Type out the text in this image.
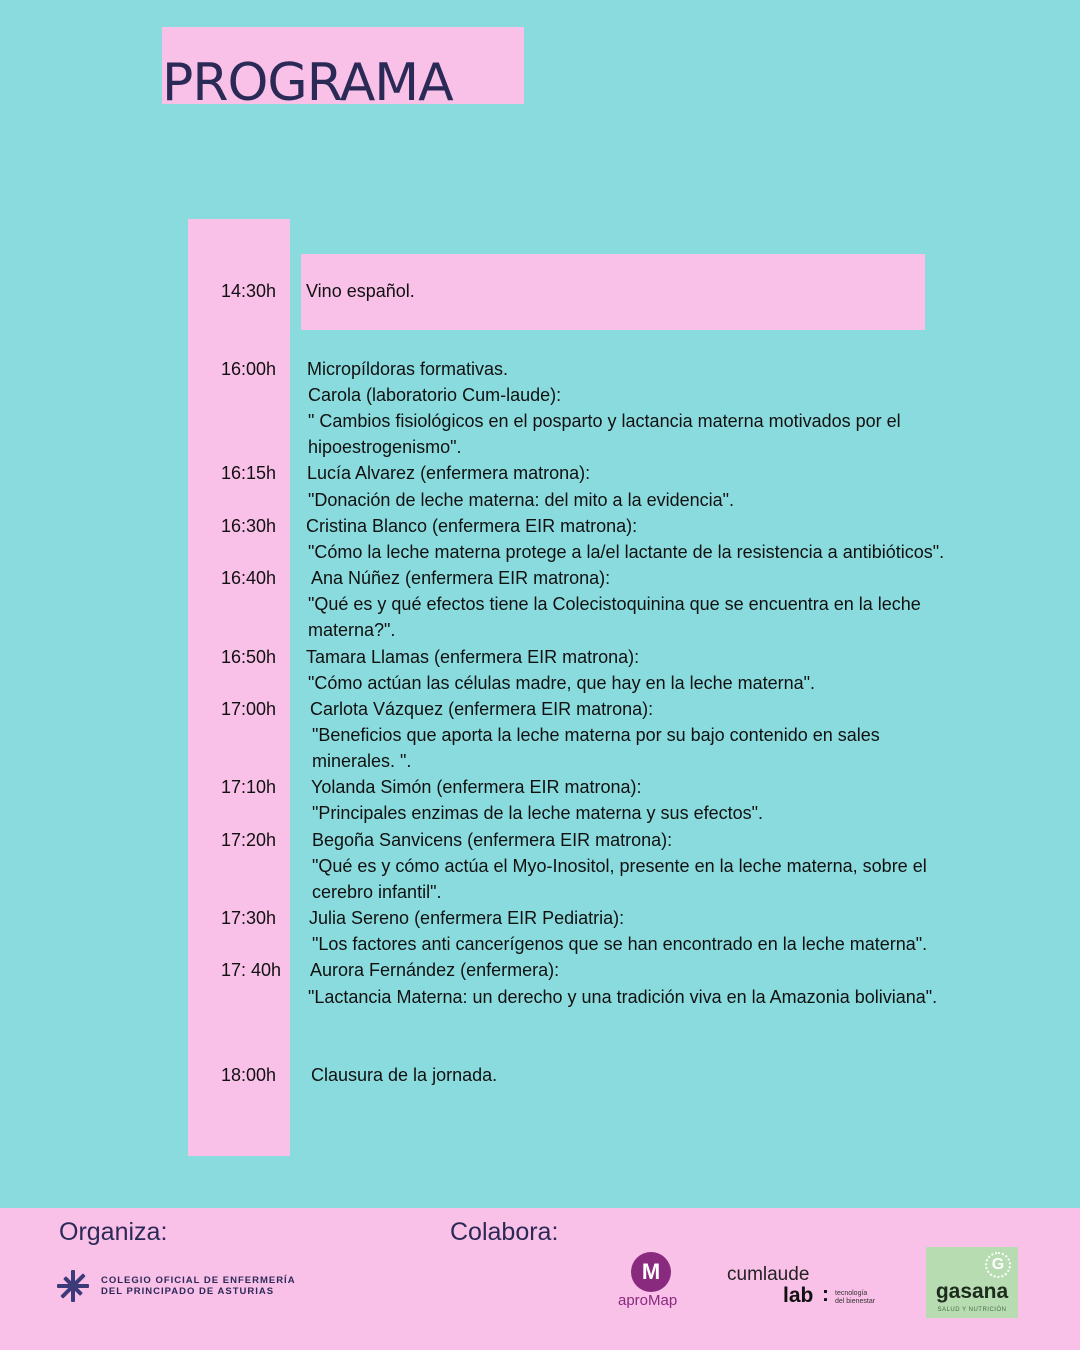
PROGRAMA
14:30h
16:00h
16:15h
16:30h
16:40h
16:50h
17:00h
17:10h
17:20h
17:30h
17: 40h
18:00h
Vino español.
Micropíldoras formativas.
Carola (laboratorio Cum-laude):
" Cambios fisiológicos en el posparto y lactancia materna motivados por el
hipoestrogenismo".
Lucía Alvarez (enfermera matrona):
"Donación de leche materna: del mito a la evidencia".
Cristina Blanco (enfermera EIR matrona):
"Cómo la leche materna protege a la/el lactante de la resistencia a antibióticos".
Ana Núñez (enfermera EIR matrona):
"Qué es y qué efectos tiene la Colecistoquinina que se encuentra en la leche
materna?".
Tamara Llamas (enfermera EIR matrona):
"Cómo actúan las células madre, que hay en la leche materna".
Carlota Vázquez (enfermera EIR matrona):
"Beneficios que aporta la leche materna por su bajo contenido en sales
minerales. ".
Yolanda Simón (enfermera EIR matrona):
"Principales enzimas de la leche materna y sus efectos".
Begoña Sanvicens (enfermera EIR matrona):
"Qué es y cómo actúa el Myo-Inositol, presente en la leche materna, sobre el
cerebro infantil".
Julia Sereno (enfermera EIR Pediatria):
"Los factores anti cancerígenos que se han encontrado en la leche materna".
Aurora Fernández (enfermera):
"Lactancia Materna: un derecho y una tradición viva en la Amazonia boliviana".
Clausura de la jornada.
Organiza:	Colabora:
COLEGIO OFICIAL DE ENFERMERÍA
DEL PRINCIPADO DE ASTURIAS
M
aproMap
cumlaude
lab : tecnología
del bienestar
G
gasana
SALUD Y NUTRICIÓN
